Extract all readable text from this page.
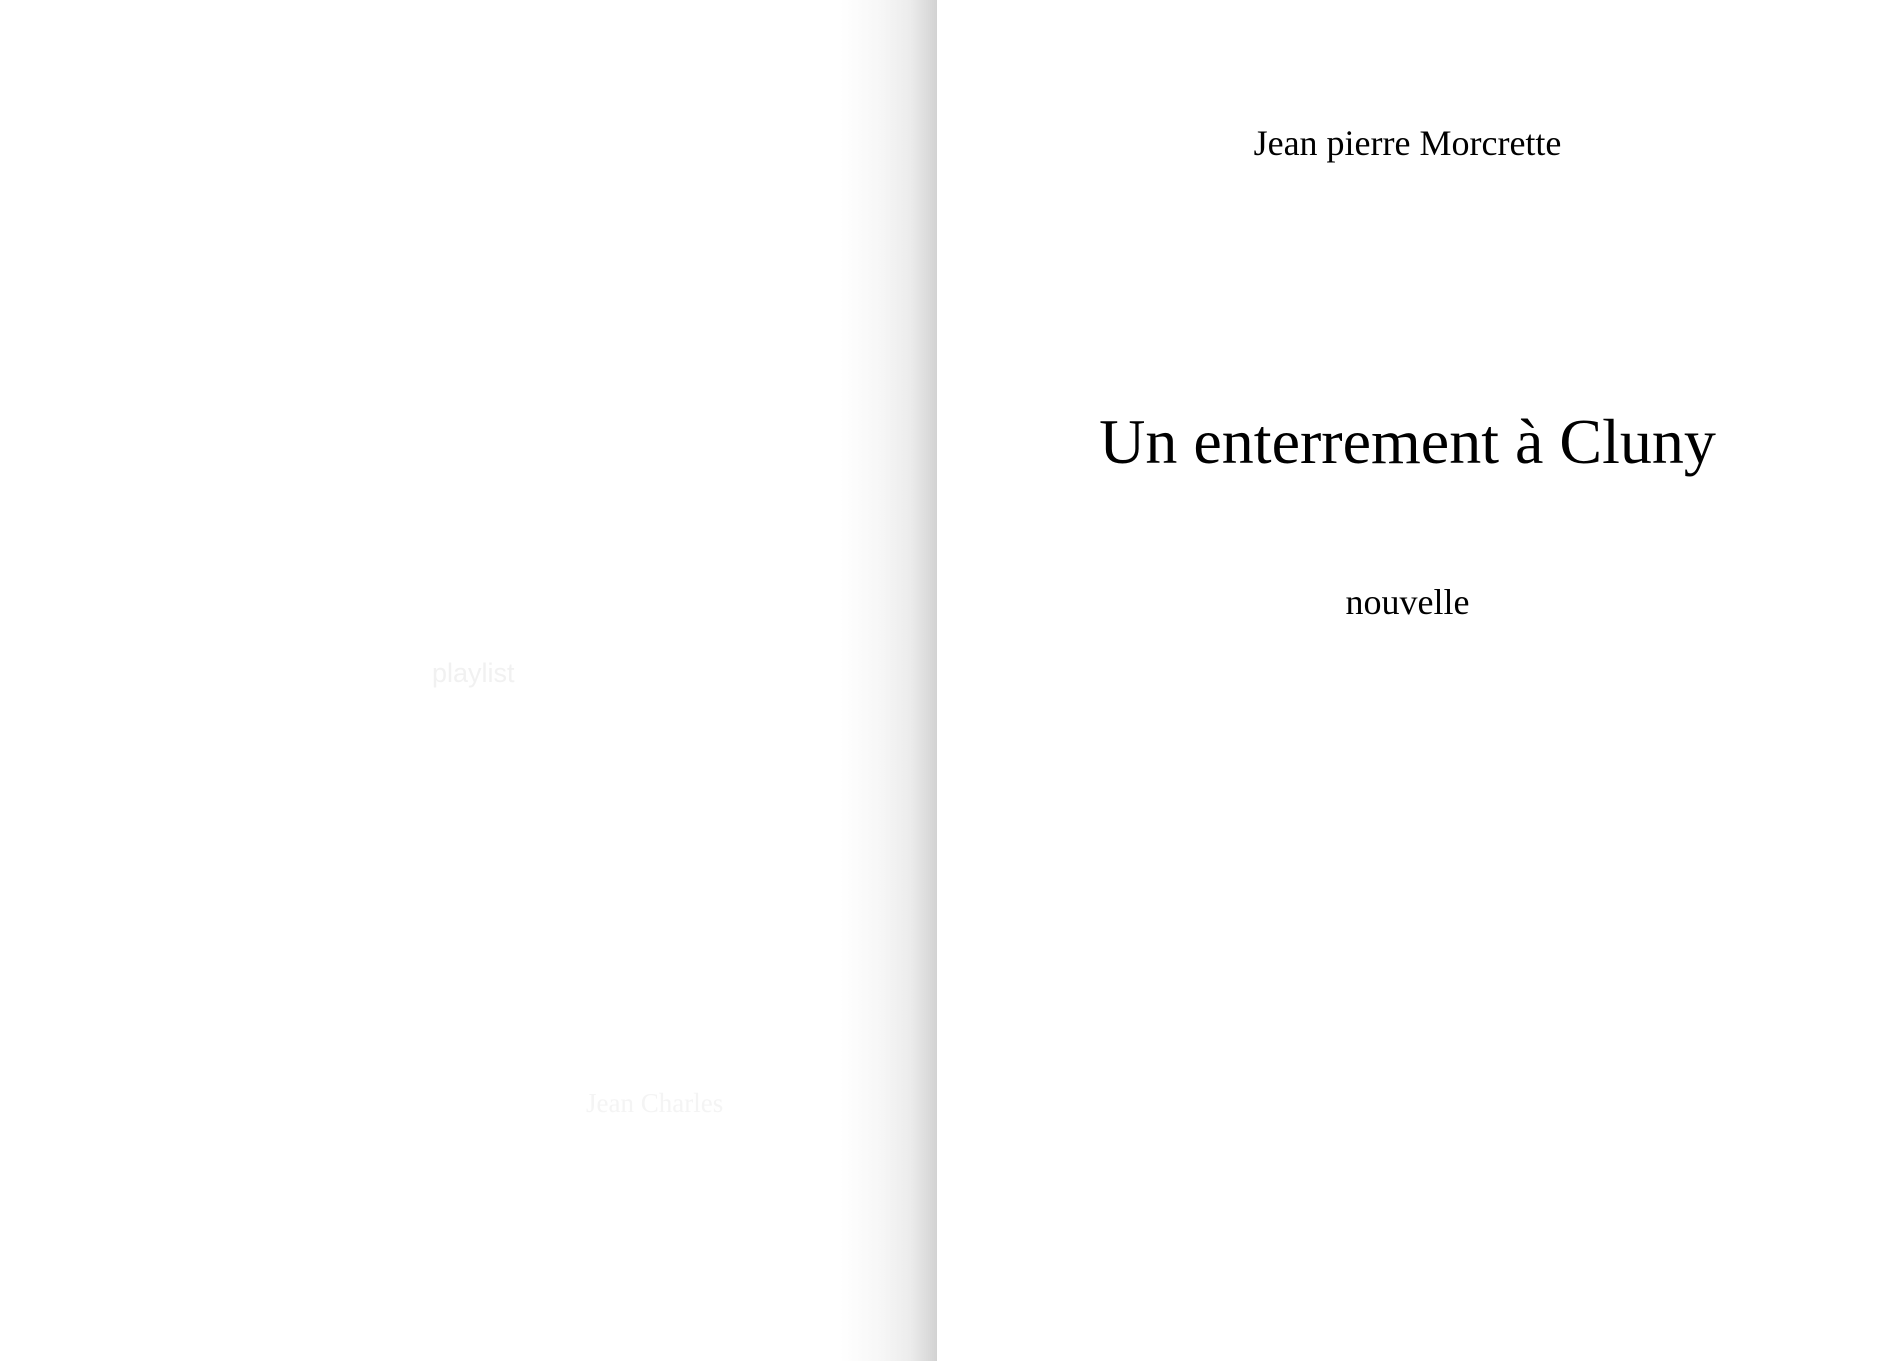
playlist
Jean Charles
Jean pierre Morcrette
Un enterrement à Cluny
nouvelle
